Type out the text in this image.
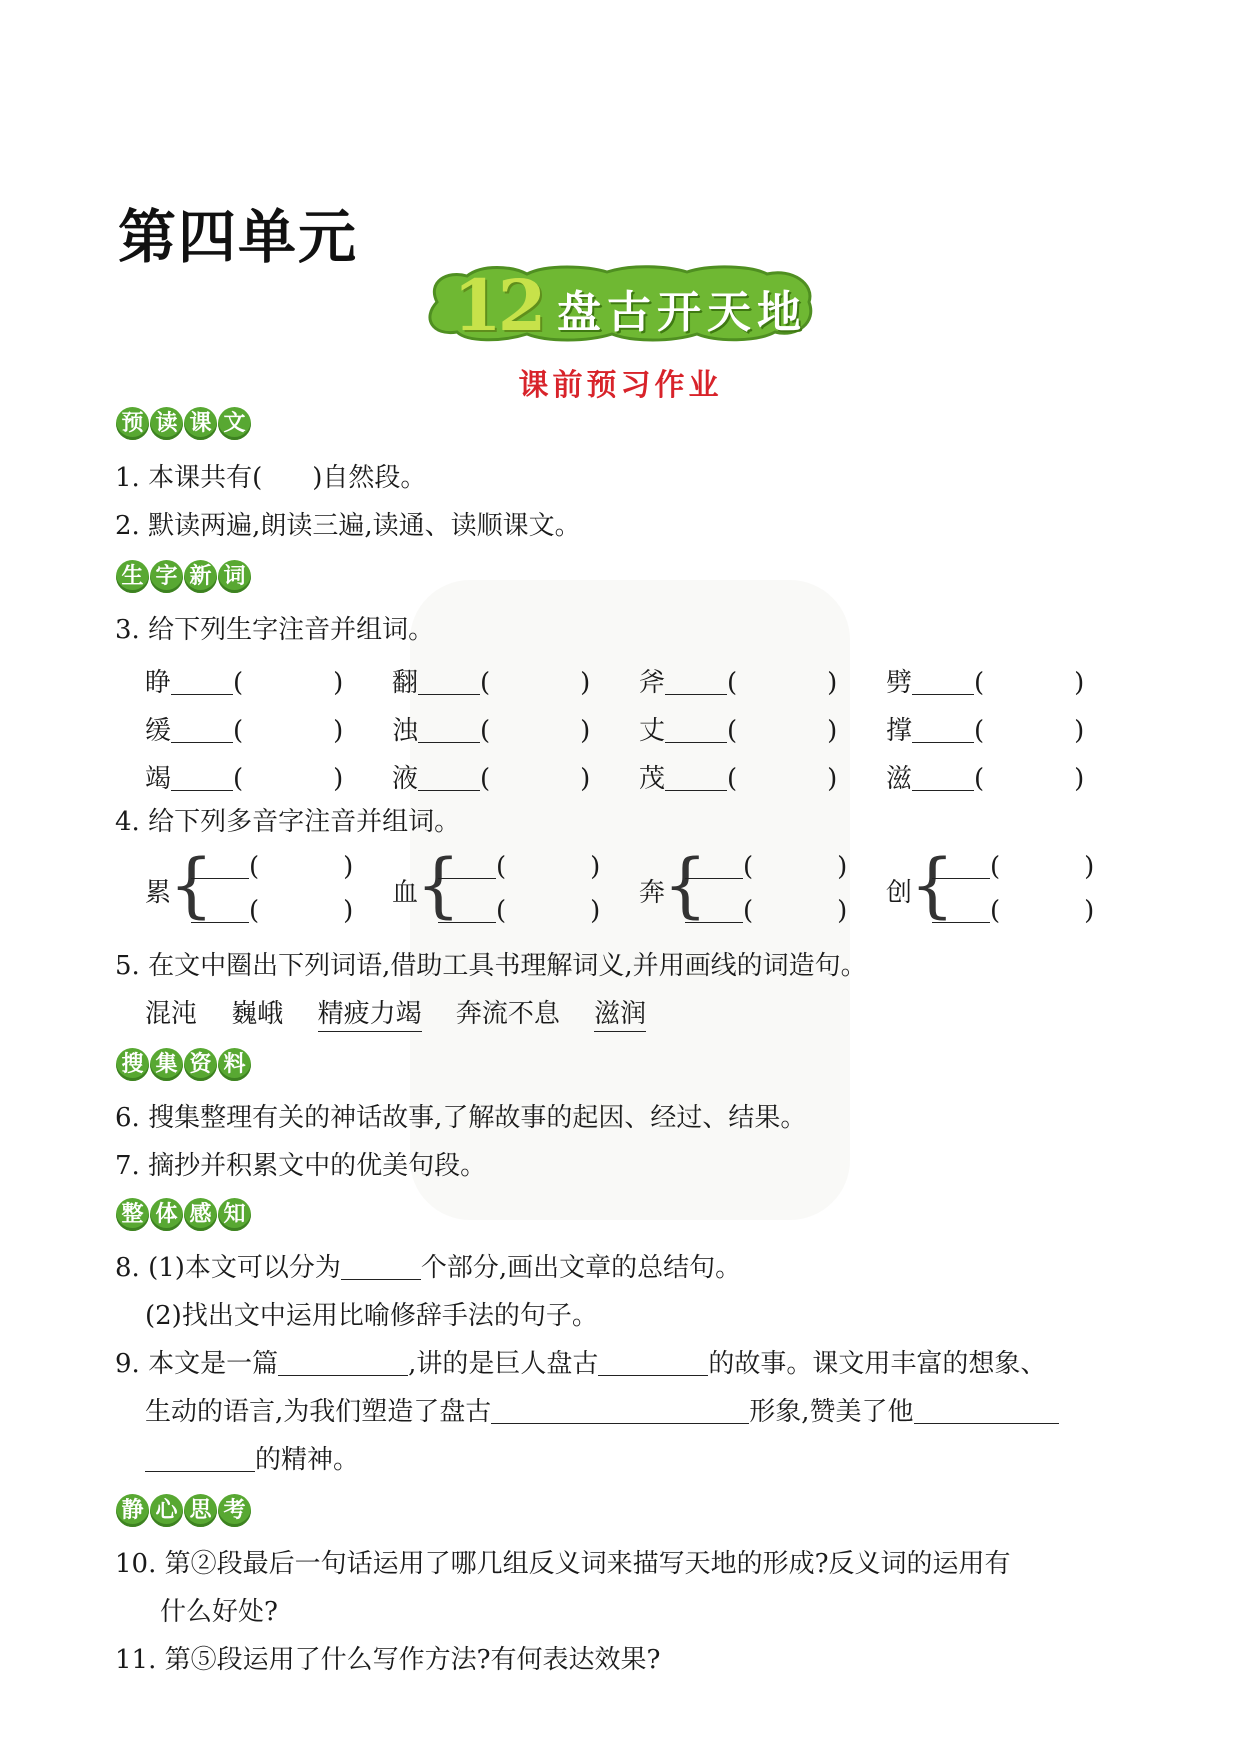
第四单元
12 盘古开天地
课前预习作业
预 读 课 文
1. 本课共有( )自然段。
2. 默读两遍,朗读三遍,读通、读顺课文。
生 字 新 词
3. 给下列生字注音并组词。
睁 (	) 翻 (	) 斧 (	) 劈 (	)
缓 (	) 浊 (	) 丈 (	) 撑 (	)
竭 (	) 液 (	) 茂 (	) 滋 (	)
4. 给下列多音字注音并组词。
累
{	(	)
(	)
血
{	(	)
(	)
奔
{	(	)
(	)
创
{	(	)
(	)
5. 在文中圈出下列词语,借助工具书理解词义,并用画线的词造句。
混沌 巍峨 精疲力竭 奔流不息 滋润
搜 集 资 料
6. 搜集整理有关的神话故事,了解故事的起因、经过、结果。
7. 摘抄并积累文中的优美句段。
整 体 感 知
8. (1)本文可以分为	个部分,画出文章的总结句。
(2)找出文中运用比喻修辞手法的句子。
9. 本文是一篇	,讲的是巨人盘古	的故事。课文用丰富的想象、
生动的语言,为我们塑造了盘古	形象,赞美了他
的精神。
静 心 思 考
10. 第②段最后一句话运用了哪几组反义词来描写天地的形成?反义词的运用有
什么好处?
11. 第⑤段运用了什么写作方法?有何表达效果?
